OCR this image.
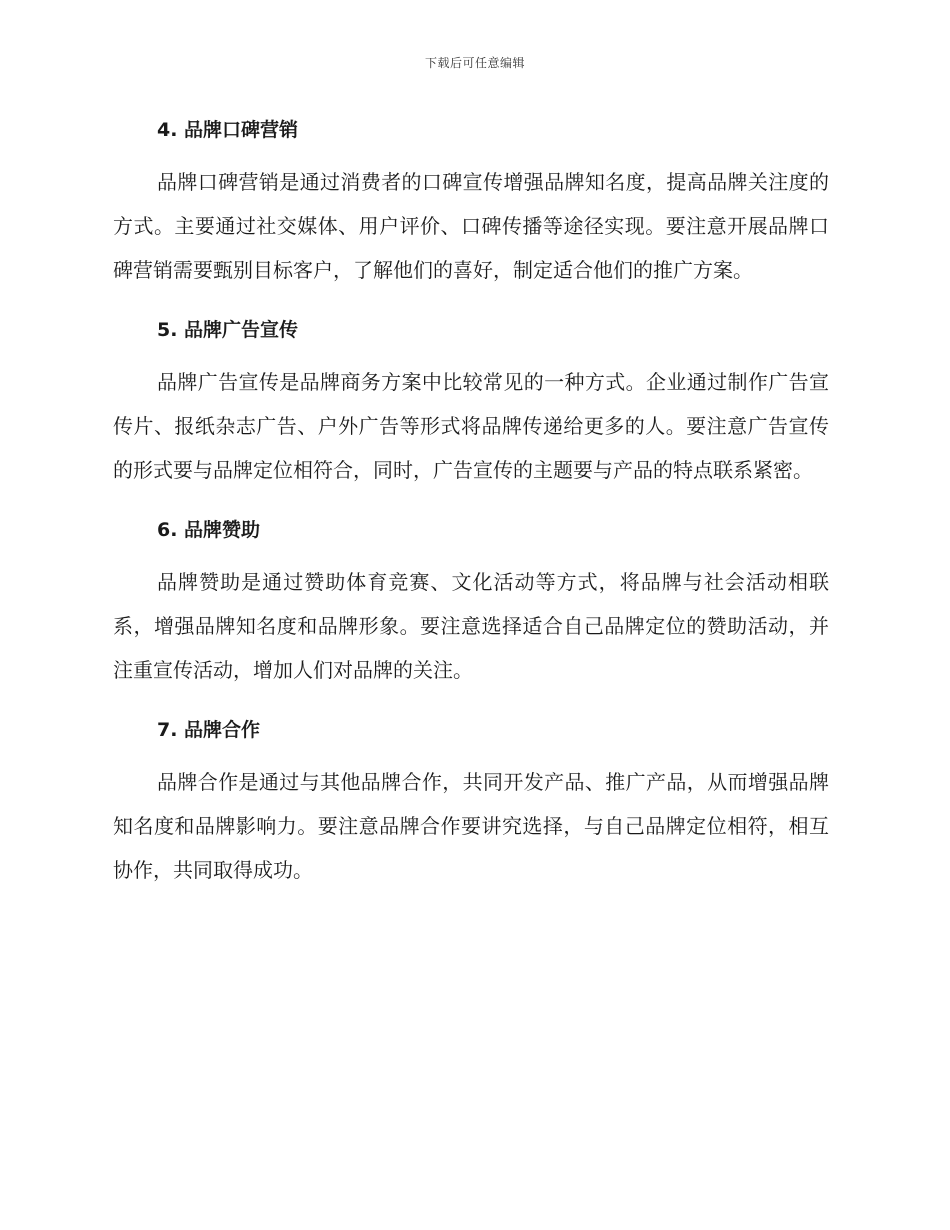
下载后可任意编辑
4. 品牌口碑营销

品牌口碑营销是通过消费者的口碑宣传增强品牌知名度，提高品牌关注度的方式。主要通过社交媒体、用户评价、口碑传播等途径实现。要注意开展品牌口碑营销需要甄别目标客户，了解他们的喜好，制定适合他们的推广方案。

5. 品牌广告宣传

品牌广告宣传是品牌商务方案中比较常见的一种方式。企业通过制作广告宣传片、报纸杂志广告、户外广告等形式将品牌传递给更多的人。要注意广告宣传的形式要与品牌定位相符合，同时，广告宣传的主题要与产品的特点联系紧密。

6. 品牌赞助

品牌赞助是通过赞助体育竞赛、文化活动等方式，将品牌与社会活动相联系，增强品牌知名度和品牌形象。要注意选择适合自己品牌定位的赞助活动，并注重宣传活动，增加人们对品牌的关注。

7. 品牌合作

品牌合作是通过与其他品牌合作，共同开发产品、推广产品，从而增强品牌知名度和品牌影响力。要注意品牌合作要讲究选择，与自己品牌定位相符，相互协作，共同取得成功。
